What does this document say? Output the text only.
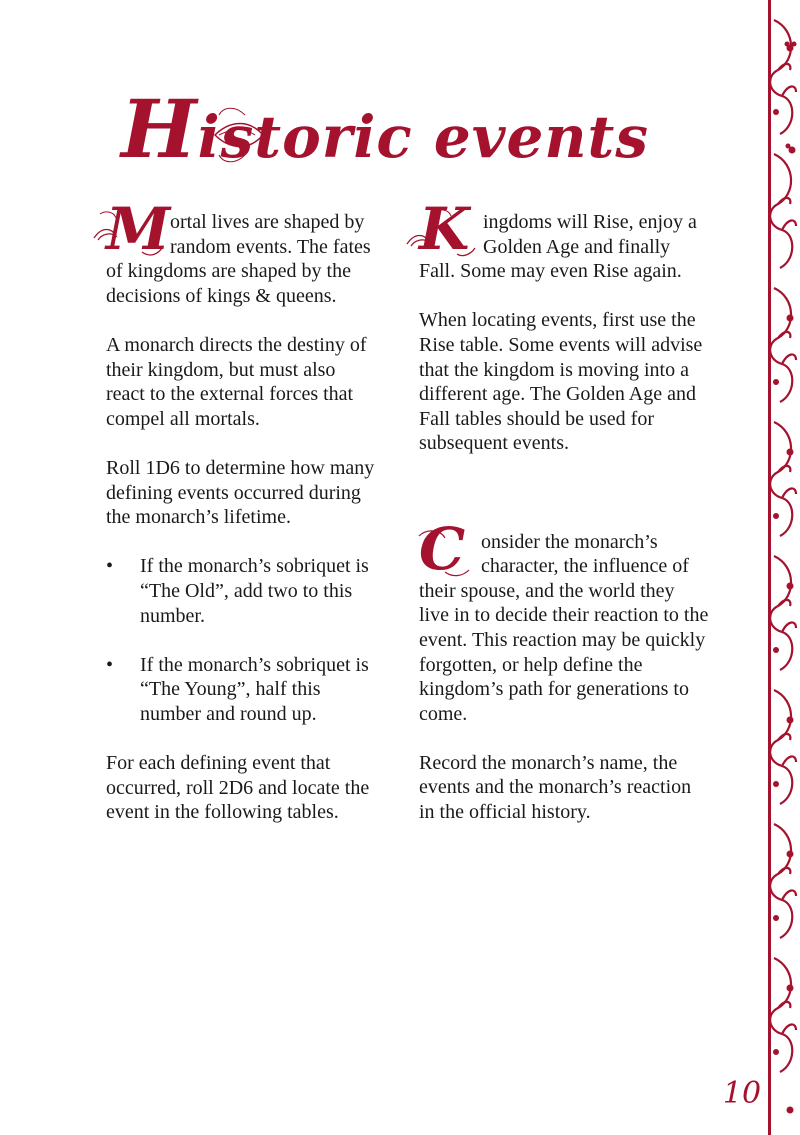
Historic events

M ortal lives are shaped by random events. The fates of kingdoms are shaped by the decisions of kings & queens.

A monarch directs the destiny of their kingdom, but must also react to the external forces that compel all mortals.

Roll 1D6 to determine how many defining events occurred during the monarch’s lifetime.

• If the monarch’s sobriquet is “The Old”, add two to this number.
• If the monarch’s sobriquet is “The Young”, half this number and round up.

For each defining event that occurred, roll 2D6 and locate the event in the following tables.

K ingdoms will Rise, enjoy a Golden Age and finally Fall. Some may even Rise again.

When locating events, first use the Rise table. Some events will advise that the kingdom is moving into a different age. The Golden Age and Fall tables should be used for subsequent events.

C onsider the monarch’s character, the influence of their spouse, and the world they live in to decide their reaction to the event. This reaction may be quickly forgotten, or help define the kingdom’s path for generations to come.

Record the monarch’s name, the events and the monarch’s reaction in the official history.

10
